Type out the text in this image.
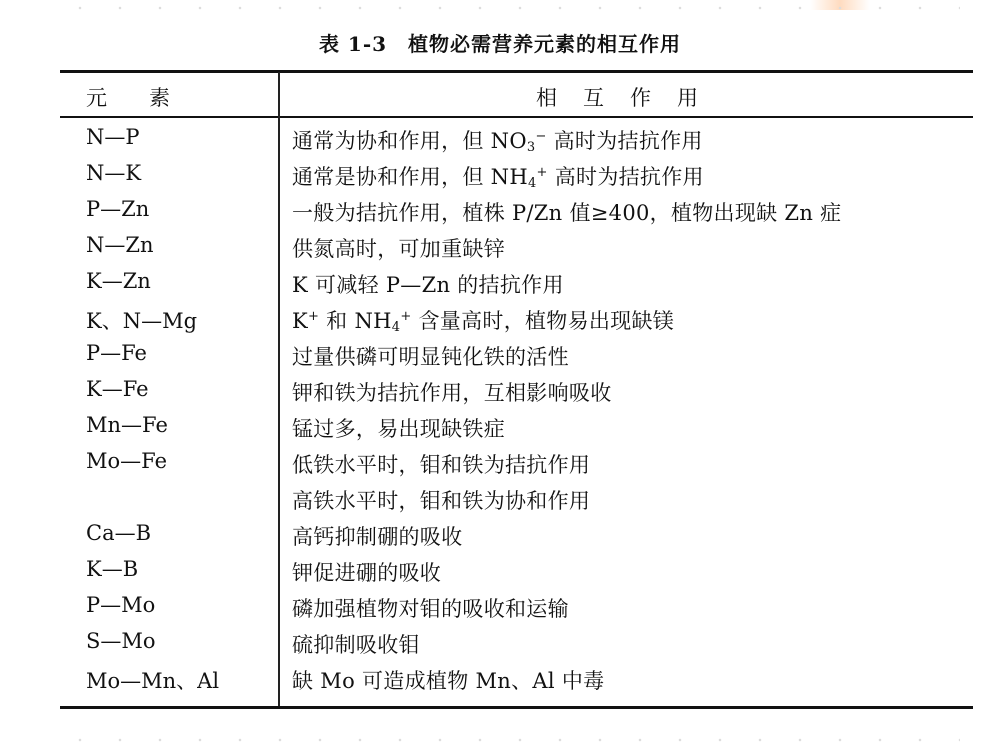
表 1-3　植物必需营养元素的相互作用
元素	相互作用
N—P	通常为协和作用，但 $NO_3^-$ 高时为拮抗作用
N—K	通常是协和作用，但 $NH_4^+$ 高时为拮抗作用
P—Zn	一般为拮抗作用，植株 P/Zn 值≥400，植物出现缺 Zn 症
N—Zn	供氮高时，可加重缺锌
K—Zn	K 可减轻 P—Zn 的拮抗作用
K、N—Mg	K+ 和 $NH_4^+$ 含量高时，植物易出现缺镁
P—Fe	过量供磷可明显钝化铁的活性
K—Fe	钾和铁为拮抗作用，互相影响吸收
Mn—Fe	锰过多，易出现缺铁症
Mo—Fe	低铁水平时，钼和铁为拮抗作用
高铁水平时，钼和铁为协和作用
Ca—B	高钙抑制硼的吸收
K—B	钾促进硼的吸收
P—Mo	磷加强植物对钼的吸收和运输
S—Mo	硫抑制吸收钼
Mo—Mn、Al	缺 Mo 可造成植物 Mn、Al 中毒
